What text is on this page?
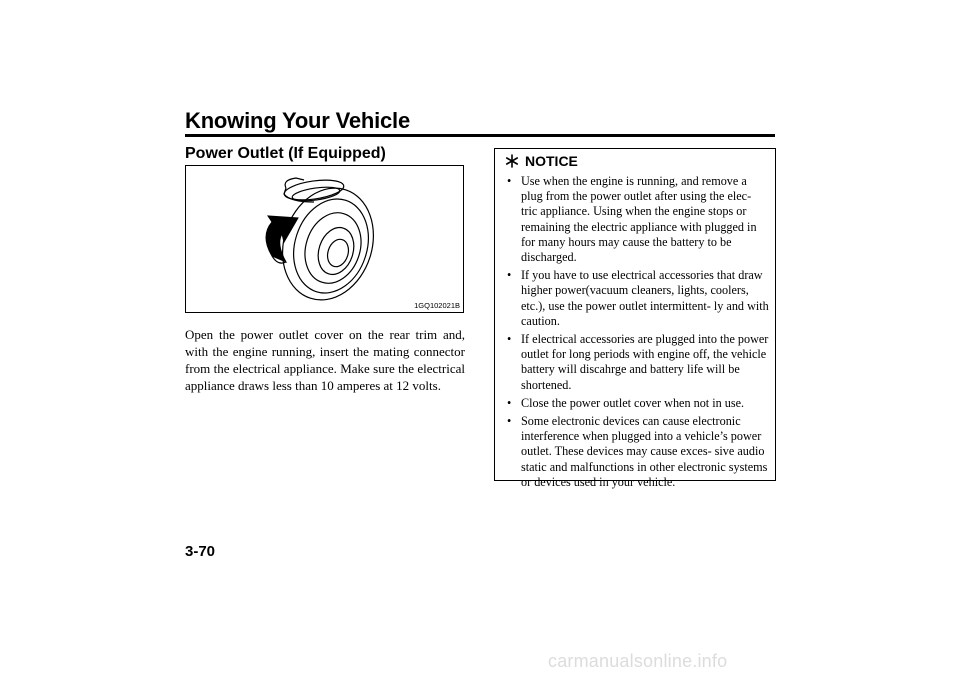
Knowing Your Vehicle
Power Outlet (If Equipped)
1GQ102021B

Open the power outlet cover on the rear trim and, with the engine running, insert the mating connector from the electrical appliance. Make sure the electrical appliance draws less than 10 amperes at 12 volts.

NOTICE
• Use when the engine is running, and remove a plug from the power outlet after using the elec- tric appliance. Using when the engine stops or remaining the electric appliance with plugged in for many hours may cause the battery to be discharged.
• If you have to use electrical accessories that draw higher power(vacuum cleaners, lights, coolers, etc.), use the power outlet intermittent- ly and with caution.
• If electrical accessories are plugged into the power outlet for long periods with engine off, the vehicle battery will discahrge and battery life will be shortened.
• Close the power outlet cover when not in use.
• Some electronic devices can cause electronic interference when plugged into a vehicle’s power outlet. These devices may cause exces- sive audio static and malfunctions in other electronic systems or devices used in your vehicle.
3-70
carmanualsonline.info
